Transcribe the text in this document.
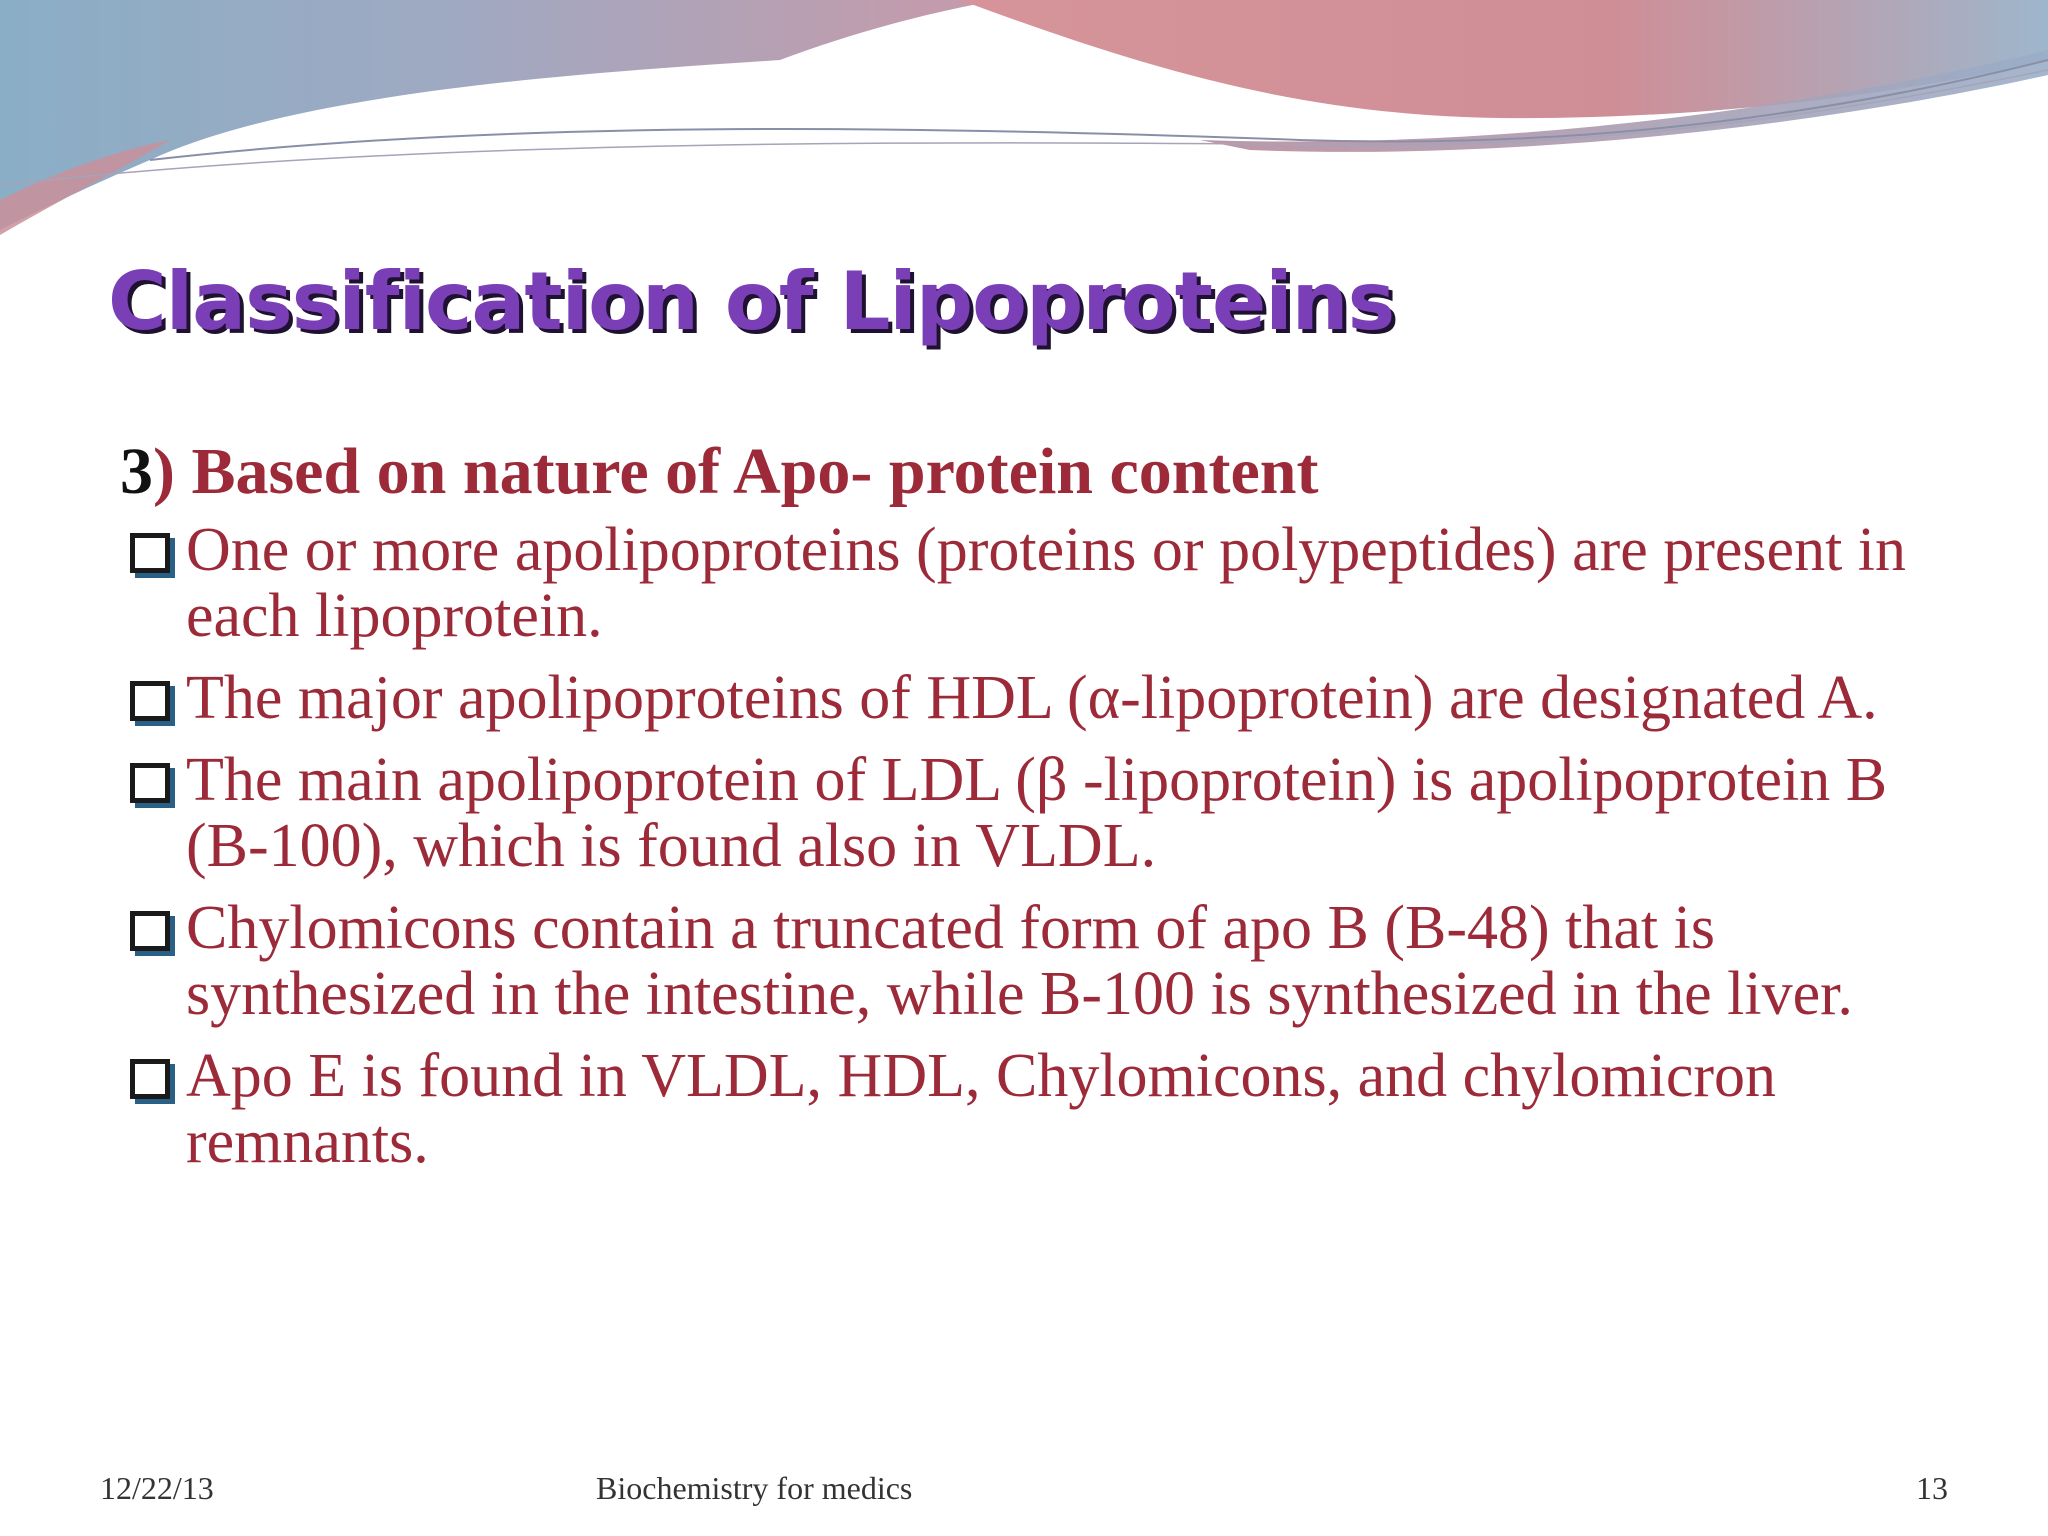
Classification of Lipoproteins
3) Based on nature of Apo- protein content
One or more apolipoproteins (proteins or polypeptides) are present in each lipoprotein.
The major apolipoproteins of HDL (α-lipoprotein) are designated A.
The main apolipoprotein of LDL (β -lipoprotein) is apolipoprotein B (B-100), which is found also in VLDL.
Chylomicons contain a truncated form of apo B (B-48) that is synthesized in the intestine, while B-100 is synthesized in the liver.
Apo E is found in VLDL, HDL, Chylomicons, and chylomicron remnants.
12/22/13	Biochemistry for medics	13
